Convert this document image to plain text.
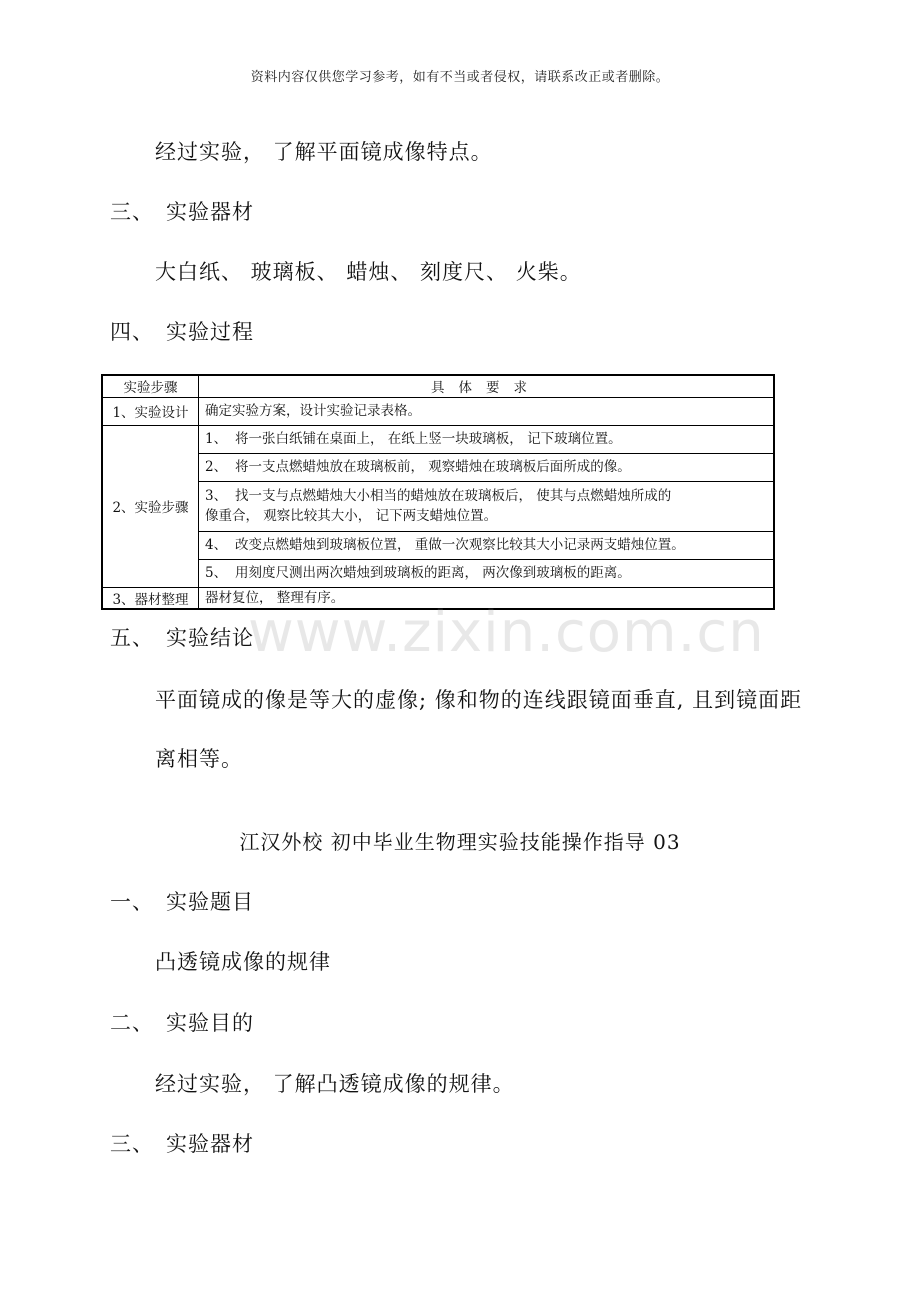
资料内容仅供您学习参考，如有不当或者侵权，请联系改正或者删除。
经过实验， 了解平面镜成像特点。
三、 实验器材
大白纸、 玻璃板、 蜡烛、 刻度尺、 火柴。
四、 实验过程
实验步骤	具体要求
1、实验设计	确定实验方案，设计实验记录表格。
2、实验步骤	1、 将一张白纸铺在桌面上， 在纸上竖一块玻璃板， 记下玻璃位置。
	2、 将一支点燃蜡烛放在玻璃板前， 观察蜡烛在玻璃板后面所成的像。
	3、 找一支与点燃蜡烛大小相当的蜡烛放在玻璃板后， 使其与点燃蜡烛所成的
像重合， 观察比较其大小， 记下两支蜡烛位置。
	4、 改变点燃蜡烛到玻璃板位置， 重做一次观察比较其大小记录两支蜡烛位置。
	5、 用刻度尺测出两次蜡烛到玻璃板的距离， 两次像到玻璃板的距离。
3、器材整理	器材复位， 整理有序。
www.zixin.com.cn
五、 实验结论
平面镜成的像是等大的虚像; 像和物的连线跟镜面垂直, 且到镜面距
离相等。
江汉外校 初中毕业生物理实验技能操作指导 03
一、 实验题目
凸透镜成像的规律
二、 实验目的
经过实验， 了解凸透镜成像的规律。
三、 实验器材
